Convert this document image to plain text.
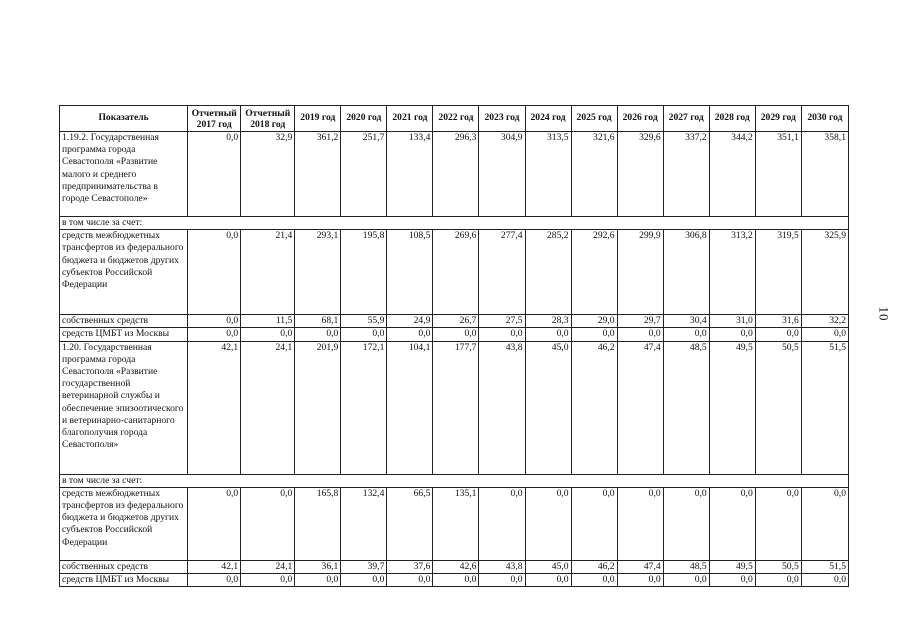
Показатель	Отчетный 2017 год	Отчетный 2018 год	2019 год	2020 год	2021 год	2022 год	2023 год	2024 год	2025 год	2026 год	2027 год	2028 год	2029 год	2030 год
1.19.2. Государственная программа города Севастополя «Развитие малого и среднего предпринимательства в городе Севастополе»	0,0	32,9	361,2	251,7	133,4	296,3	304,9	313,5	321,6	329,6	337,2	344,2	351,1	358,1
в том числе за счет:														
средств межбюджетных трансфертов из федерального бюджета и бюджетов других субъектов Российской Федерации	0,0	21,4	293,1	195,8	108,5	269,6	277,4	285,2	292,6	299,9	306,8	313,2	319,5	325,9
собственных средств	0,0	11,5	68,1	55,9	24,9	26,7	27,5	28,3	29,0	29,7	30,4	31,0	31,6	32,2
средств ЦМБТ из Москвы	0,0	0,0	0,0	0,0	0,0	0,0	0,0	0,0	0,0	0,0	0,0	0,0	0,0	0,0
1.20. Государственная программа города Севастополя «Развитие государственной ветеринарной службы и обеспечение эпизоотического и ветеринарно-санитарного благополучия города Севастополя»	42,1	24,1	201,9	172,1	104,1	177,7	43,8	45,0	46,2	47,4	48,5	49,5	50,5	51,5
в том числе за счет:														
средств межбюджетных трансфертов из федерального бюджета и бюджетов других субъектов Российской Федерации	0,0	0,0	165,8	132,4	66,5	135,1	0,0	0,0	0,0	0,0	0,0	0,0	0,0	0,0
собственных средств	42,1	24,1	36,1	39,7	37,6	42,6	43,8	45,0	46,2	47,4	48,5	49,5	50,5	51,5
средств ЦМБТ из Москвы	0,0	0,0	0,0	0,0	0,0	0,0	0,0	0,0	0,0	0,0	0,0	0,0	0,0	0,0
10
